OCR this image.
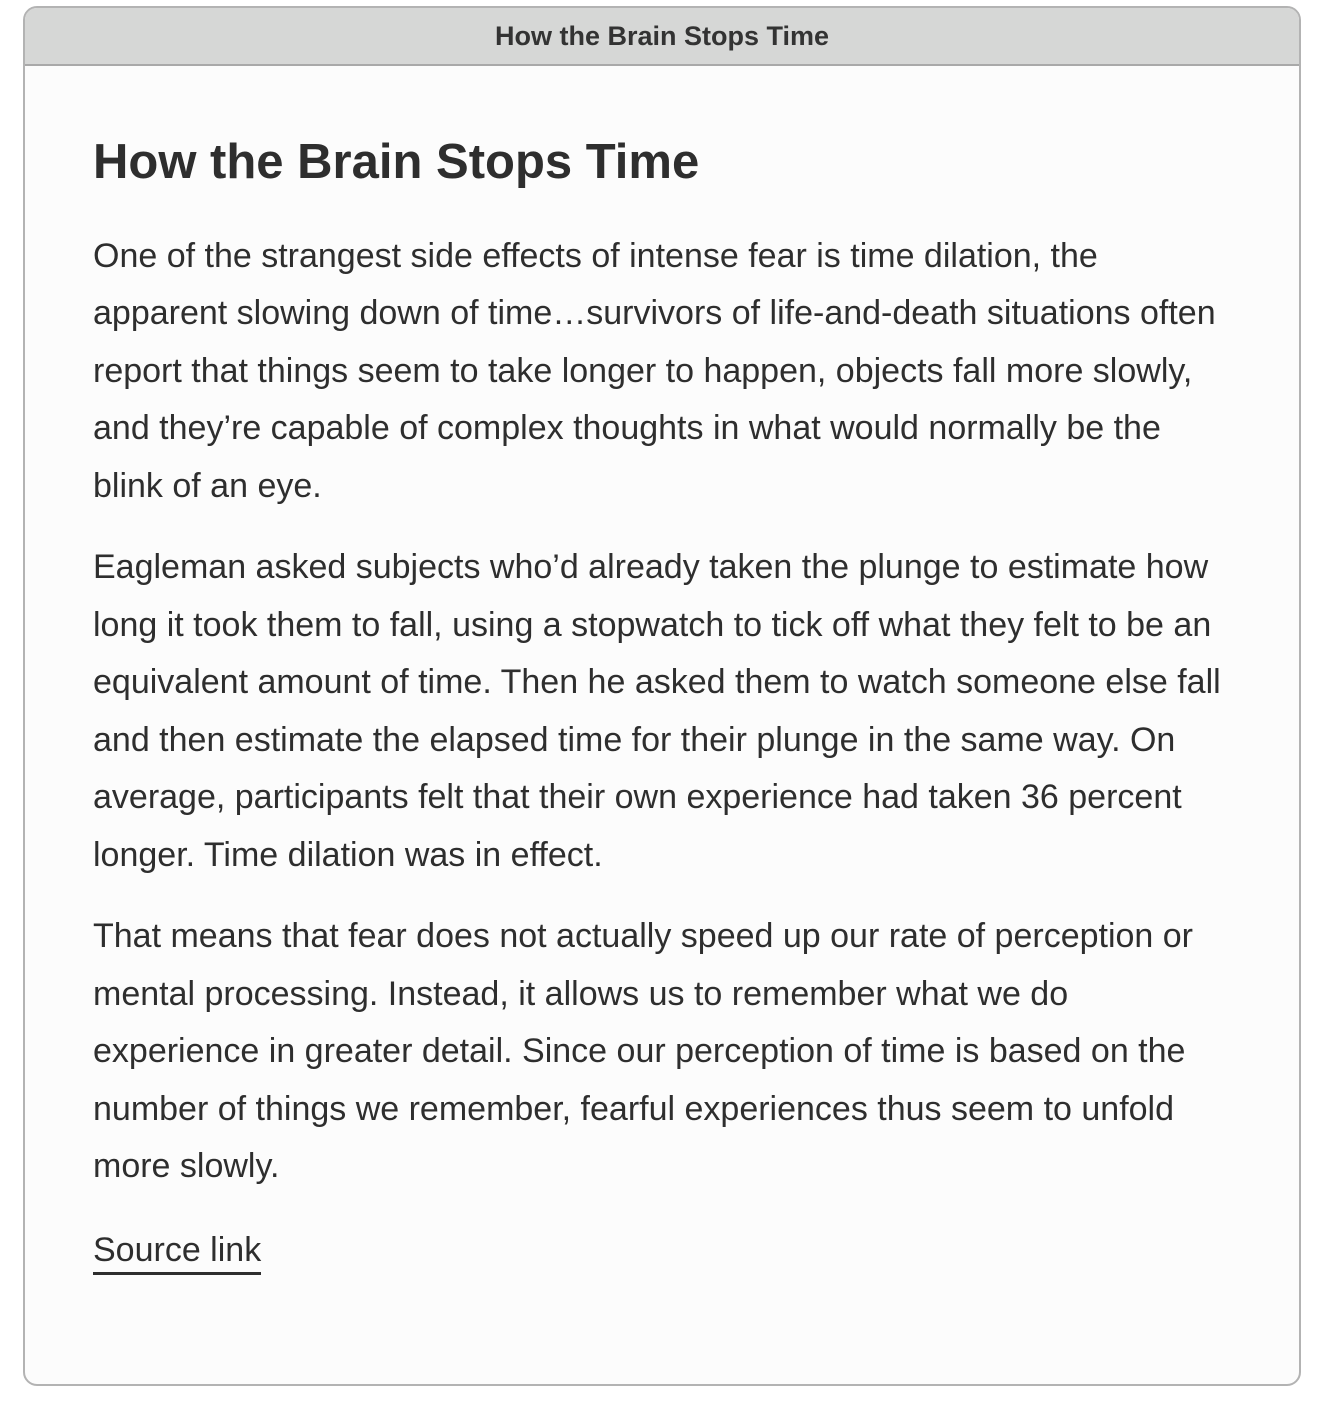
How the Brain Stops Time
How the Brain Stops Time

One of the strangest side effects of intense fear is time dilation, the apparent slowing down of time…survivors of life-and-death situations often report that things seem to take longer to happen, objects fall more slowly, and they’re capable of complex thoughts in what would normally be the blink of an eye.

Eagleman asked subjects who’d already taken the plunge to estimate how long it took them to fall, using a stopwatch to tick off what they felt to be an equivalent amount of time. Then he asked them to watch someone else fall and then estimate the elapsed time for their plunge in the same way. On average, participants felt that their own experience had taken 36 percent longer. Time dilation was in effect.

That means that fear does not actually speed up our rate of perception or mental processing. Instead, it allows us to remember what we do experience in greater detail. Since our perception of time is based on the number of things we remember, fearful experiences thus seem to unfold more slowly.

Source link
